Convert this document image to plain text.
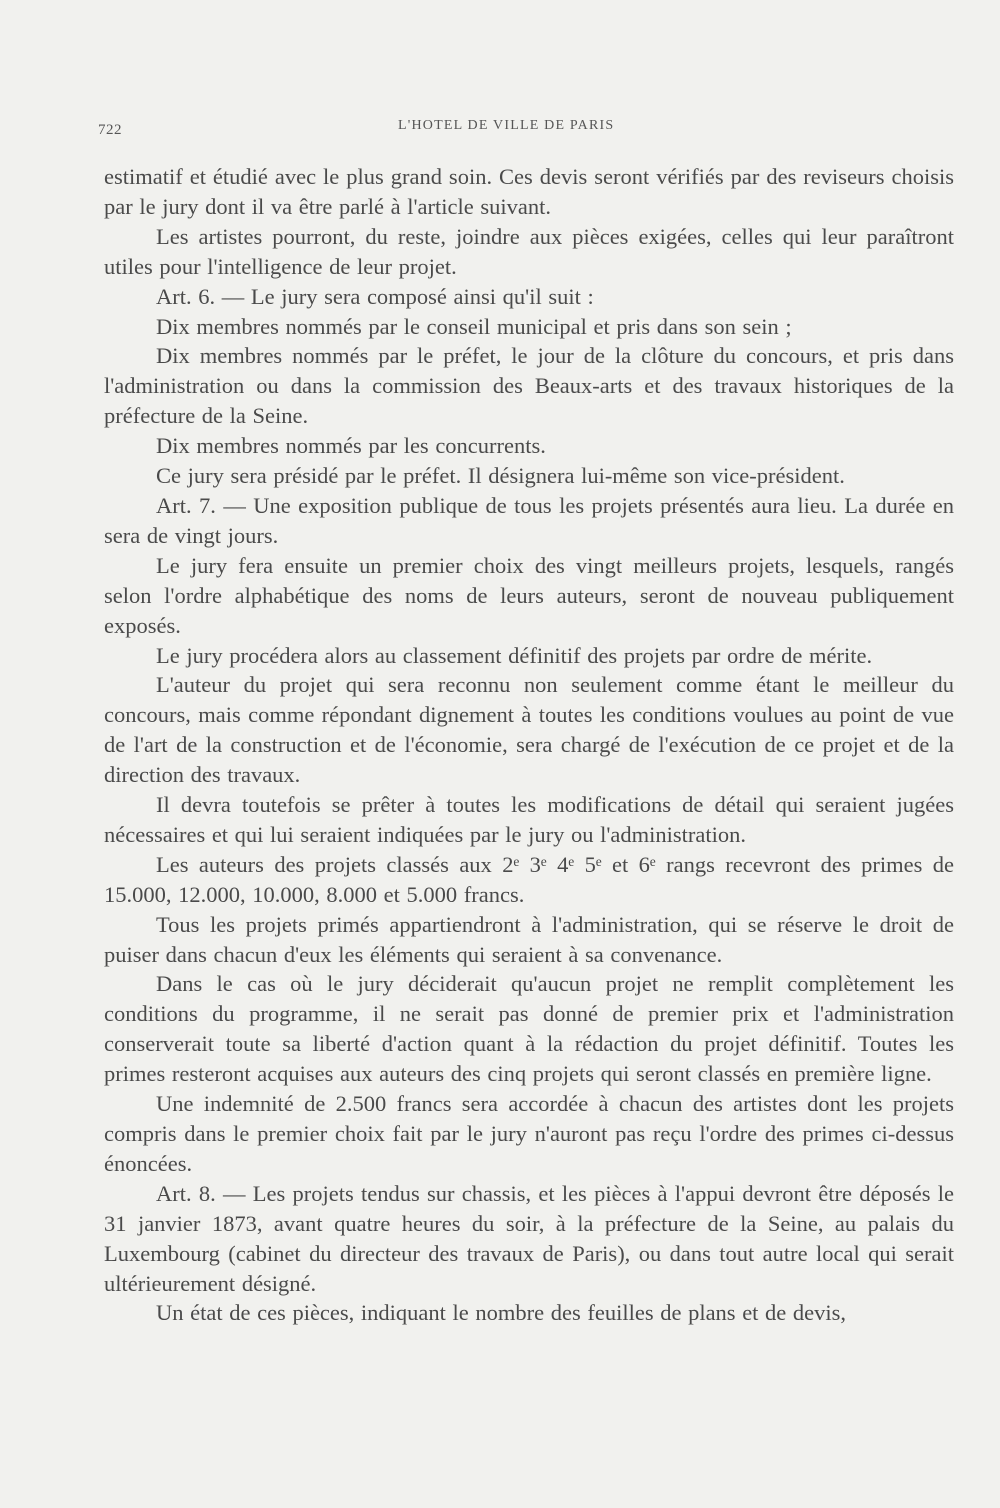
722	L'HOTEL DE VILLE DE PARIS

estimatif et étudié avec le plus grand soin. Ces devis seront vérifiés par des reviseurs choisis par le jury dont il va être parlé à l'article suivant.

Les artistes pourront, du reste, joindre aux pièces exigées, celles qui leur paraîtront utiles pour l'intelligence de leur projet.

Art. 6. — Le jury sera composé ainsi qu'il suit :

Dix membres nommés par le conseil municipal et pris dans son sein ;

Dix membres nommés par le préfet, le jour de la clôture du concours, et pris dans l'administration ou dans la commission des Beaux-arts et des travaux historiques de la préfecture de la Seine.

Dix membres nommés par les concurrents.

Ce jury sera présidé par le préfet. Il désignera lui-même son vice-président.

Art. 7. — Une exposition publique de tous les projets présentés aura lieu. La durée en sera de vingt jours.

Le jury fera ensuite un premier choix des vingt meilleurs projets, lesquels, rangés selon l'ordre alphabétique des noms de leurs auteurs, seront de nouveau publiquement exposés.

Le jury procédera alors au classement définitif des projets par ordre de mérite.

L'auteur du projet qui sera reconnu non seulement comme étant le meilleur du concours, mais comme répondant dignement à toutes les conditions voulues au point de vue de l'art de la construction et de l'économie, sera chargé de l'exécution de ce projet et de la direction des travaux.

Il devra toutefois se prêter à toutes les modifications de détail qui seraient jugées nécessaires et qui lui seraient indiquées par le jury ou l'administration.

Les auteurs des projets classés aux 2ᵉ 3ᵉ 4ᵉ 5ᵉ et 6ᵉ rangs recevront des primes de 15.000, 12.000, 10.000, 8.000 et 5.000 francs.

Tous les projets primés appartiendront à l'administration, qui se réserve le droit de puiser dans chacun d'eux les éléments qui seraient à sa convenance.

Dans le cas où le jury déciderait qu'aucun projet ne remplit complètement les conditions du programme, il ne serait pas donné de premier prix et l'administration conserverait toute sa liberté d'action quant à la rédaction du projet définitif. Toutes les primes resteront acquises aux auteurs des cinq projets qui seront classés en première ligne.

Une indemnité de 2.500 francs sera accordée à chacun des artistes dont les projets compris dans le premier choix fait par le jury n'auront pas reçu l'ordre des primes ci-dessus énoncées.

Art. 8. — Les projets tendus sur chassis, et les pièces à l'appui devront être déposés le 31 janvier 1873, avant quatre heures du soir, à la préfecture de la Seine, au palais du Luxembourg (cabinet du directeur des travaux de Paris), ou dans tout autre local qui serait ultérieurement désigné.

Un état de ces pièces, indiquant le nombre des feuilles de plans et de devis,
